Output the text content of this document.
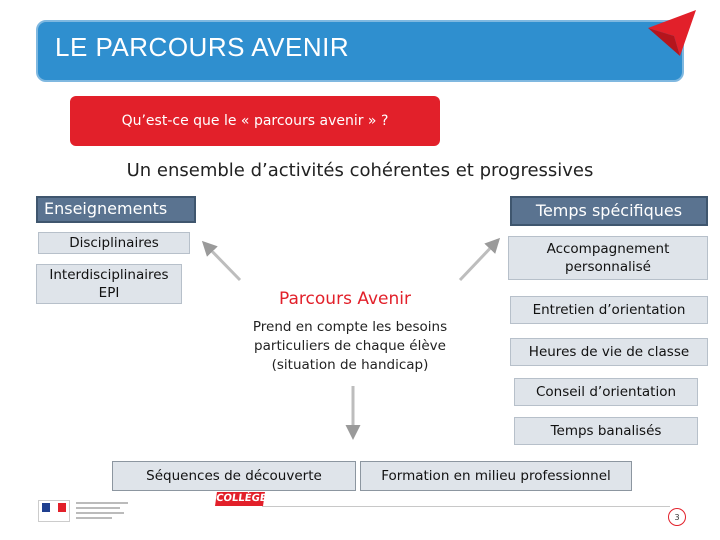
LE PARCOURS AVENIR
Qu’est-ce que le « parcours avenir » ?
Un ensemble d’activités cohérentes et progressives
Enseignements
Disciplinaires
Interdisciplinaires EPI
Temps spécifiques
Accompagnement personnalisé
Entretien d’orientation
Heures de vie de classe
Conseil d’orientation
Temps banalisés
Parcours Avenir
Prend en compte les besoins particuliers de chaque élève (situation de handicap)
Séquences de découverte	Formation en milieu professionnel
COLLÈGE
3
